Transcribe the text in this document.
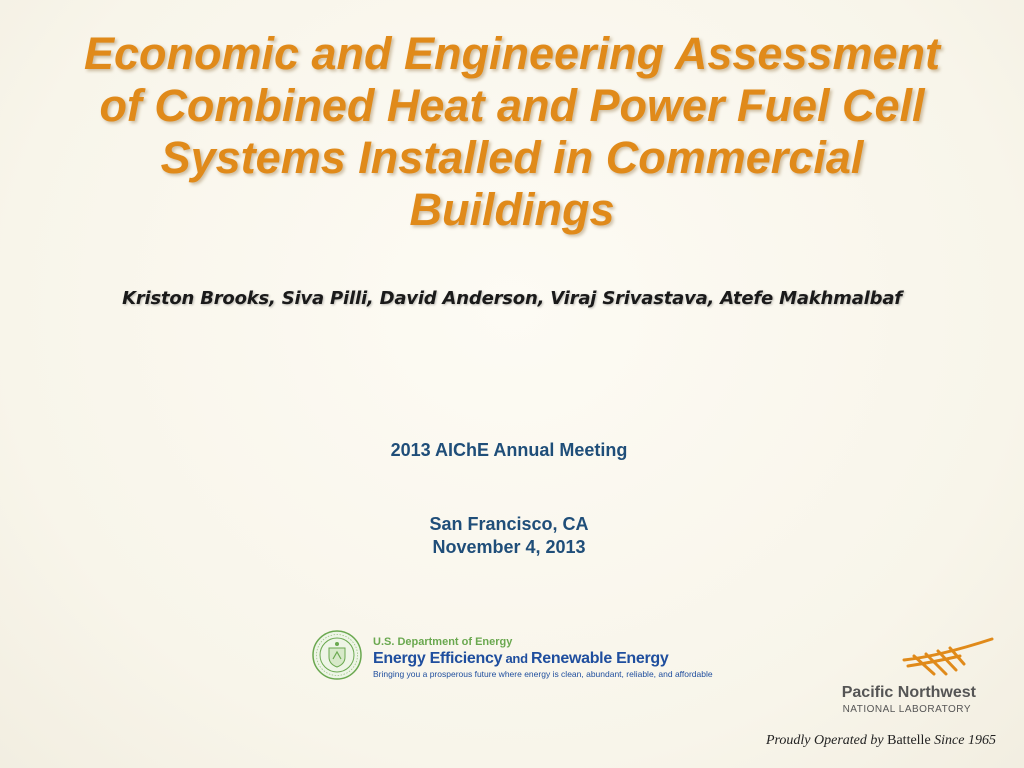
Economic and Engineering Assessment
of Combined Heat and Power Fuel Cell
Systems Installed in Commercial
Buildings
Kriston Brooks, Siva Pilli, David Anderson, Viraj Srivastava, Atefe Makhmalbaf
2013 AIChE Annual Meeting
San Francisco, CA
November 4, 2013
U.S. Department of Energy
Energy Efficiency and Renewable Energy
Bringing you a prosperous future where energy is clean, abundant, reliable, and affordable
Pacific Northwest
NATIONAL LABORATORY
Proudly Operated by Battelle Since 1965
